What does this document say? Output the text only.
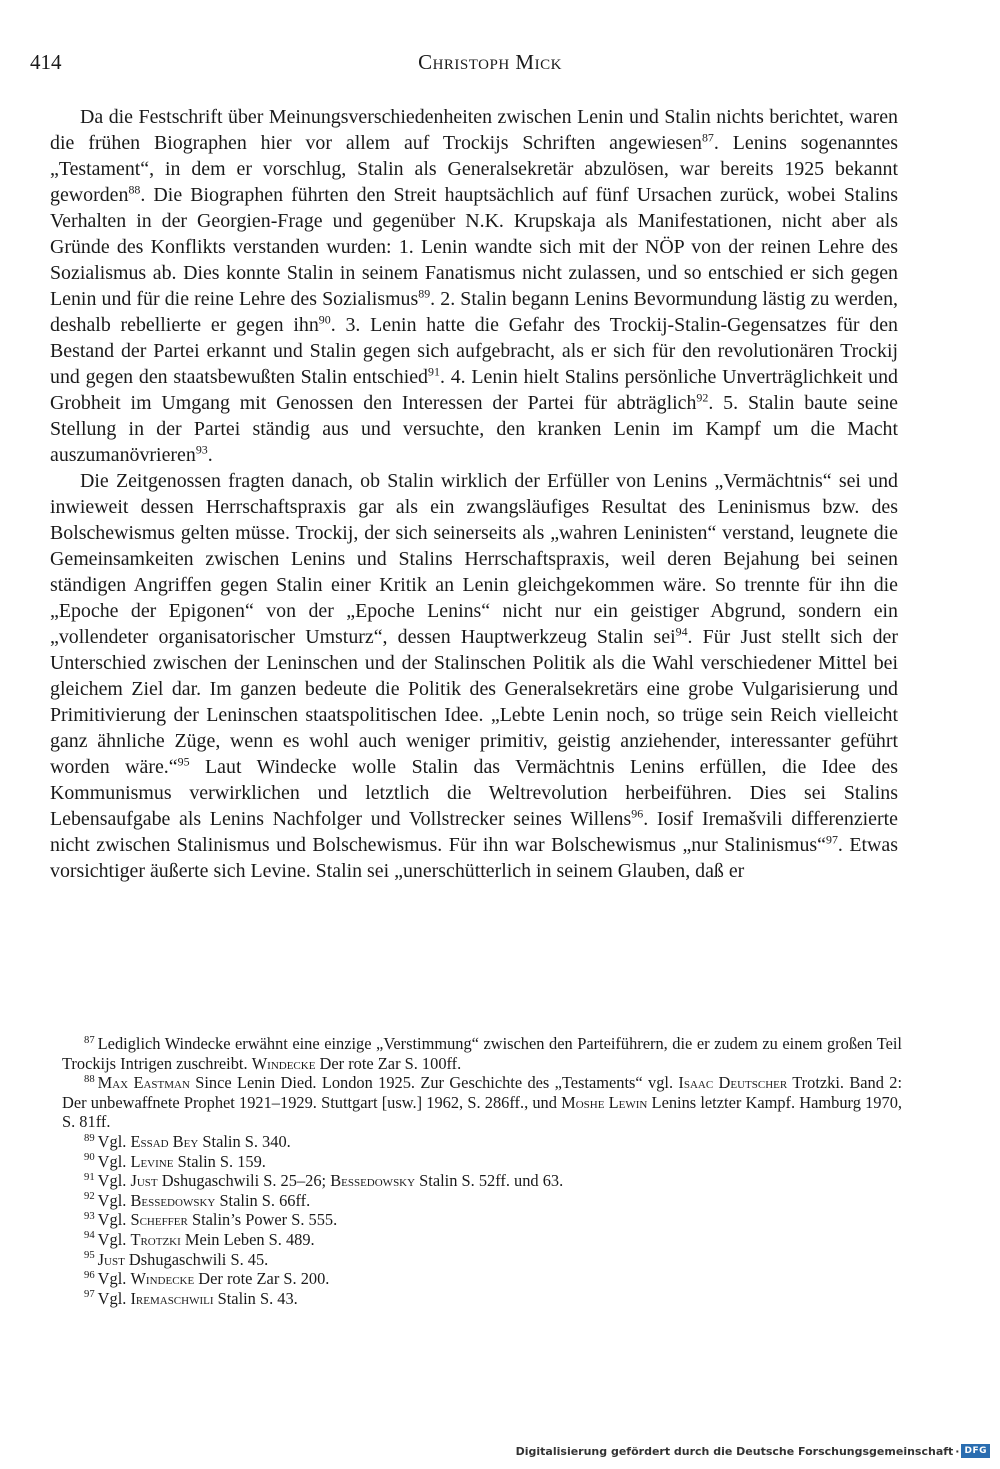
414	Christoph Mick

Da die Festschrift über Meinungsverschiedenheiten zwischen Lenin und Stalin nichts berichtet, waren die frühen Biographen hier vor allem auf Trockijs Schriften angewiesen$^{87}$. Lenins sogenanntes „Testament“, in dem er vorschlug, Stalin als Generalsekretär abzulösen, war bereits 1925 bekannt geworden$^{88}$. Die Biographen führten den Streit hauptsächlich auf fünf Ursachen zurück, wobei Stalins Verhalten in der Georgien-Frage und gegenüber N.K. Krupskaja als Manifestationen, nicht aber als Gründe des Konflikts verstanden wurden: 1. Lenin wandte sich mit der NÖP von der reinen Lehre des Sozialismus ab. Dies konnte Stalin in seinem Fanatismus nicht zulassen, und so entschied er sich gegen Lenin und für die reine Lehre des Sozialismus$^{89}$. 2. Stalin begann Lenins Bevormundung lästig zu werden, deshalb rebellierte er gegen ihn$^{90}$. 3. Lenin hatte die Gefahr des Trockij-Stalin-Gegensatzes für den Bestand der Partei erkannt und Stalin gegen sich aufgebracht, als er sich für den revolutionären Trockij und gegen den staatsbewußten Stalin entschied$^{91}$. 4. Lenin hielt Stalins persönliche Unverträglichkeit und Grobheit im Umgang mit Genossen den Interessen der Partei für abträglich$^{92}$. 5. Stalin baute seine Stellung in der Partei ständig aus und versuchte, den kranken Lenin im Kampf um die Macht auszumanövrieren$^{93}$.

Die Zeitgenossen fragten danach, ob Stalin wirklich der Erfüller von Lenins „Vermächtnis“ sei und inwieweit dessen Herrschaftspraxis gar als ein zwangsläufiges Resultat des Leninismus bzw. des Bolschewismus gelten müsse. Trockij, der sich seinerseits als „wahren Leninisten“ verstand, leugnete die Gemeinsamkeiten zwischen Lenins und Stalins Herrschaftspraxis, weil deren Bejahung bei seinen ständigen Angriffen gegen Stalin einer Kritik an Lenin gleichgekommen wäre. So trennte für ihn die „Epoche der Epigonen“ von der „Epoche Lenins“ nicht nur ein geistiger Abgrund, sondern ein „vollendeter organisatorischer Umsturz“, dessen Hauptwerkzeug Stalin sei$^{94}$. Für Just stellt sich der Unterschied zwischen der Leninschen und der Stalinschen Politik als die Wahl verschiedener Mittel bei gleichem Ziel dar. Im ganzen bedeute die Politik des Generalsekretärs eine grobe Vulgarisierung und Primitivierung der Leninschen staatspolitischen Idee. „Lebte Lenin noch, so trüge sein Reich vielleicht ganz ähnliche Züge, wenn es wohl auch weniger primitiv, geistig anziehender, interessanter geführt worden wäre.“$^{95}$ Laut Windecke wolle Stalin das Vermächtnis Lenins erfüllen, die Idee des Kommunismus verwirklichen und letztlich die Weltrevolution herbeiführen. Dies sei Stalins Lebensaufgabe als Lenins Nachfolger und Vollstrecker seines Willens$^{96}$. Iosif Iremašvili differenzierte nicht zwischen Stalinismus und Bolschewismus. Für ihn war Bolschewismus „nur Stalinismus“$^{97}$. Etwas vorsichtiger äußerte sich Levine. Stalin sei „unerschütterlich in seinem Glauben, daß er

$^{87}$ Lediglich Windecke erwähnt eine einzige „Verstimmung“ zwischen den Parteiführern, die er zudem zu einem großen Teil Trockijs Intrigen zuschreibt. Windecke Der rote Zar S. 100ff.

$^{88}$ Max Eastman Since Lenin Died. London 1925. Zur Geschichte des „Testaments“ vgl. Isaac Deutscher Trotzki. Band 2: Der unbewaffnete Prophet 1921–1929. Stuttgart [usw.] 1962, S. 286ff., und Moshe Lewin Lenins letzter Kampf. Hamburg 1970, S. 81ff.

$^{89}$ Vgl. Essad Bey Stalin S. 340.

$^{90}$ Vgl. Levine Stalin S. 159.

$^{91}$ Vgl. Just Dshugaschwili S. 25–26; Bessedowsky Stalin S. 52ff. und 63.

$^{92}$ Vgl. Bessedowsky Stalin S. 66ff.

$^{93}$ Vgl. Scheffer Stalin’s Power S. 555.

$^{94}$ Vgl. Trotzki Mein Leben S. 489.

$^{95}$ Just Dshugaschwili S. 45.

$^{96}$ Vgl. Windecke Der rote Zar S. 200.

$^{97}$ Vgl. Iremaschwili Stalin S. 43.

Digitalisierung gefördert durch die Deutsche Forschungsgemeinschaft · DFG
